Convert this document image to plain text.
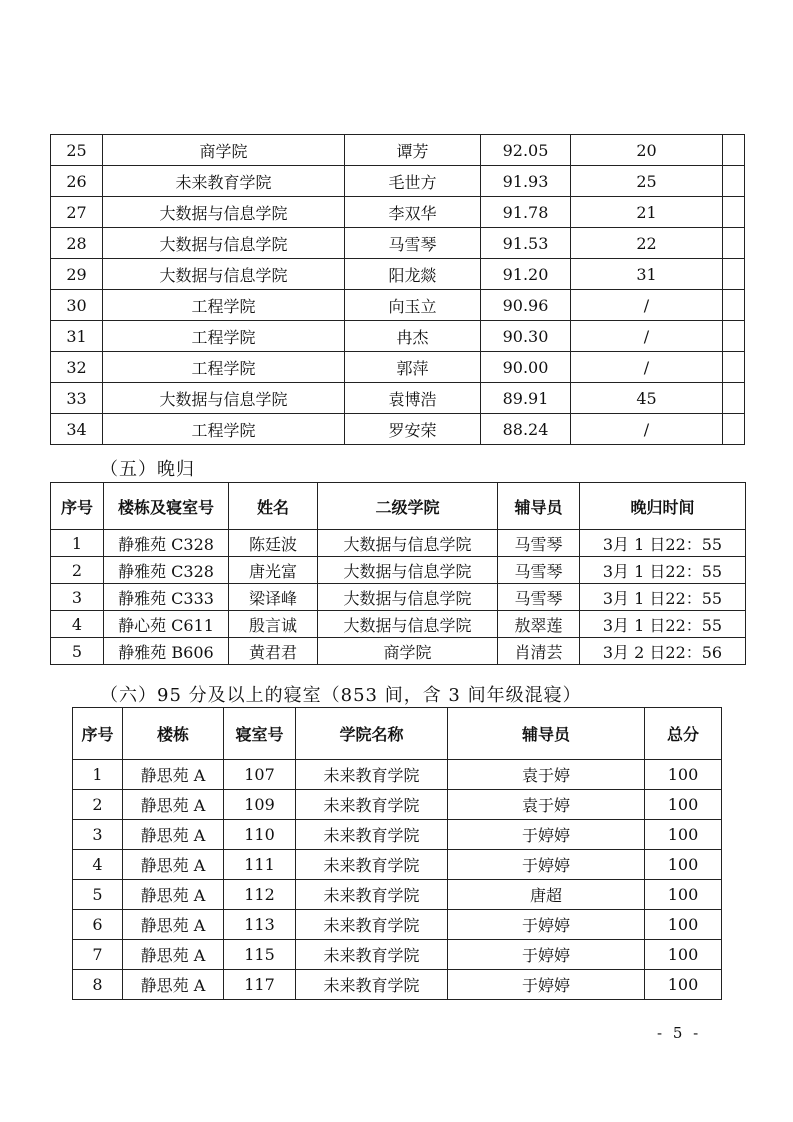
25	商学院	谭芳	92.05	20	
26	未来教育学院	毛世方	91.93	25	
27	大数据与信息学院	李双华	91.78	21	
28	大数据与信息学院	马雪琴	91.53	22	
29	大数据与信息学院	阳龙燚	91.20	31	
30	工程学院	向玉立	90.96	/	
31	工程学院	冉杰	90.30	/	
32	工程学院	郭萍	90.00	/	
33	大数据与信息学院	袁博浩	89.91	45	
34	工程学院	罗安荣	88.24	/	
（五）晚归
序号	楼栋及寝室号	姓名	二级学院	辅导员	晚归时间
1	静雅苑 C328	陈廷波	大数据与信息学院	马雪琴	3月 1 日22：55
2	静雅苑 C328	唐光富	大数据与信息学院	马雪琴	3月 1 日22：55
3	静雅苑 C333	梁译峰	大数据与信息学院	马雪琴	3月 1 日22：55
4	静心苑 C611	殷言诚	大数据与信息学院	敖翠莲	3月 1 日22：55
5	静雅苑 B606	黄君君	商学院	肖清芸	3月 2 日22：56
（六）95 分及以上的寝室（853 间，含 3 间年级混寝）
序号	楼栋	寝室号	学院名称	辅导员	总分
1	静思苑 A	107	未来教育学院	袁于婷	100
2	静思苑 A	109	未来教育学院	袁于婷	100
3	静思苑 A	110	未来教育学院	于婷婷	100
4	静思苑 A	111	未来教育学院	于婷婷	100
5	静思苑 A	112	未来教育学院	唐超	100
6	静思苑 A	113	未来教育学院	于婷婷	100
7	静思苑 A	115	未来教育学院	于婷婷	100
8	静思苑 A	117	未来教育学院	于婷婷	100
- 5 -
